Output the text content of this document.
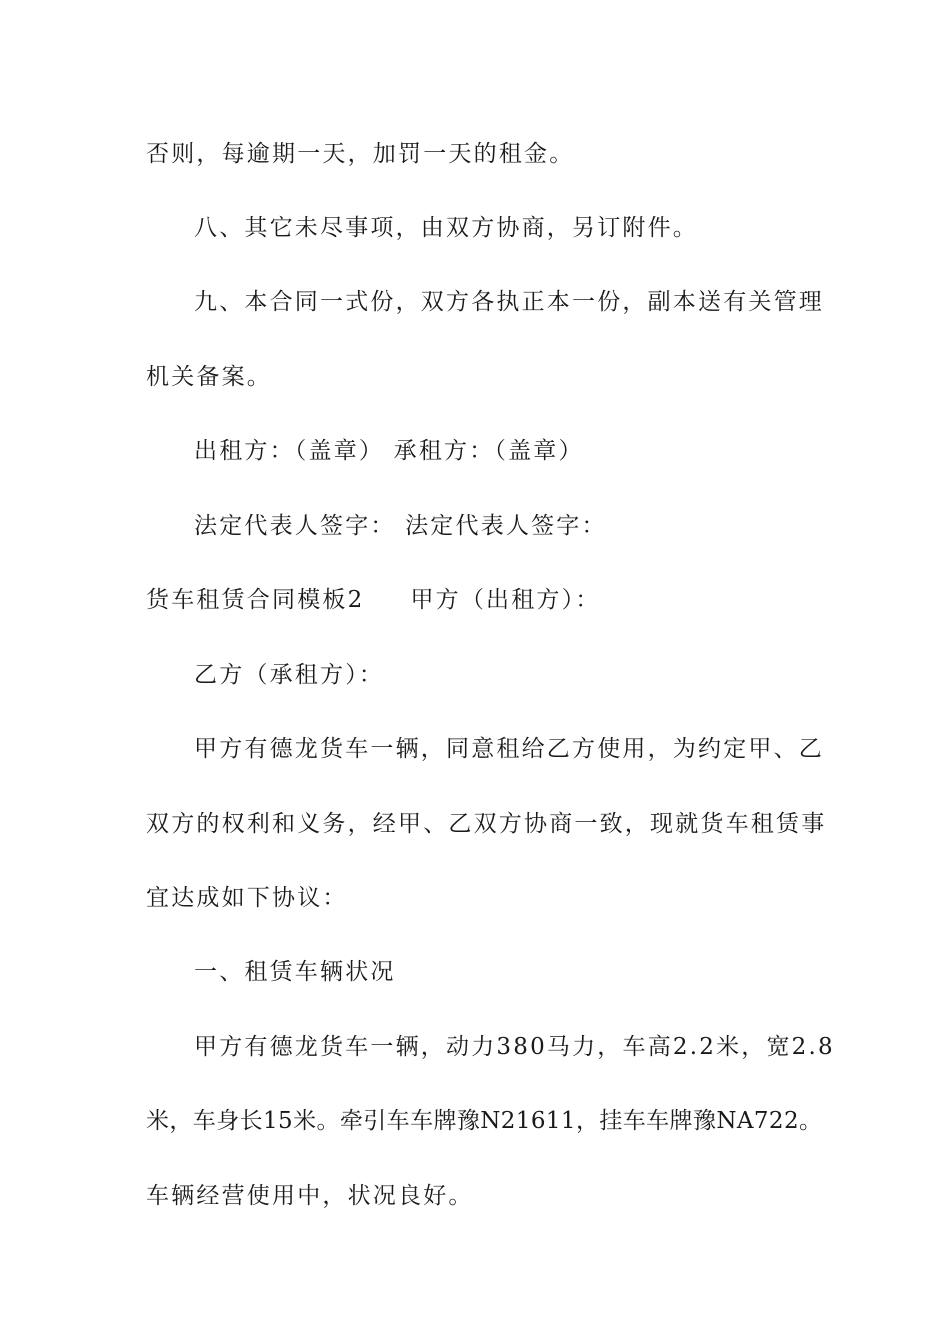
否则，每逾期一天，加罚一天的租金。
八、其它未尽事项，由双方协商，另订附件。
九、本合同一式份，双方各执正本一份，副本送有关管理
机关备案。
出租方：（盖章） 承租方：（盖章）
法定代表人签字： 法定代表人签字：
货车租赁合同模板2 甲方（出租方）：
乙方（承租方）：
甲方有德龙货车一辆，同意租给乙方使用，为约定甲、乙
双方的权利和义务，经甲、乙双方协商一致，现就货车租赁事
宜达成如下协议：
一、租赁车辆状况
甲方有德龙货车一辆，动力380马力，车高2.2米，宽2.8
米，车身长15米。牵引车车牌豫N21611，挂车车牌豫NA722。
车辆经营使用中，状况良好。
